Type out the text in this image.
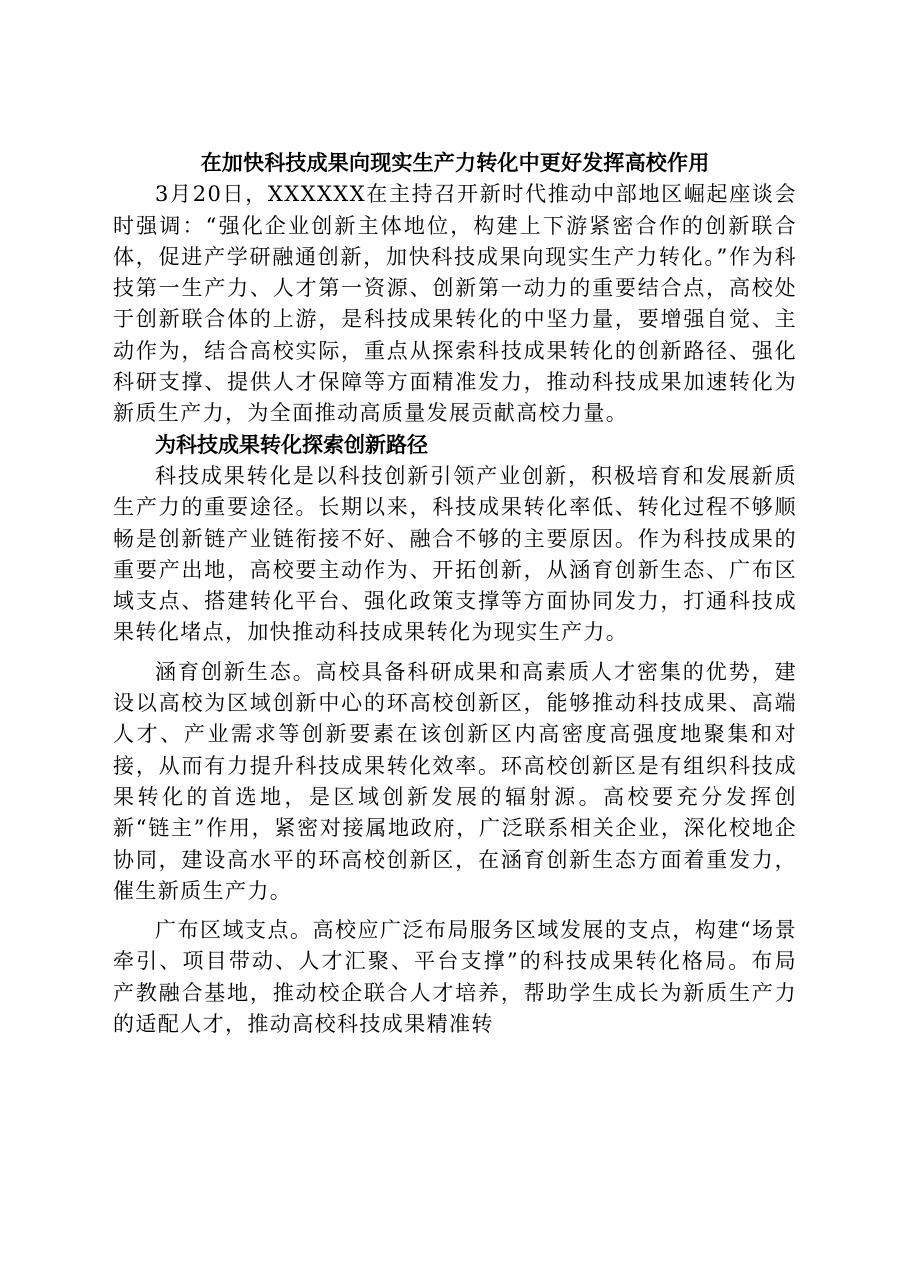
在加快科技成果向现实生产力转化中更好发挥高校作用

3月20日，XXXXXX在主持召开新时代推动中部地区崛起座谈会时强调：“强化企业创新主体地位，构建上下游紧密合作的创新联合体，促进产学研融通创新，加快科技成果向现实生产力转化。”作为科技第一生产力、人才第一资源、创新第一动力的重要结合点，高校处于创新联合体的上游，是科技成果转化的中坚力量，要增强自觉、主动作为，结合高校实际，重点从探索科技成果转化的创新路径、强化科研支撑、提供人才保障等方面精准发力，推动科技成果加速转化为新质生产力，为全面推动高质量发展贡献高校力量。

为科技成果转化探索创新路径

科技成果转化是以科技创新引领产业创新，积极培育和发展新质生产力的重要途径。长期以来，科技成果转化率低、转化过程不够顺畅是创新链产业链衔接不好、融合不够的主要原因。作为科技成果的重要产出地，高校要主动作为、开拓创新，从涵育创新生态、广布区域支点、搭建转化平台、强化政策支撑等方面协同发力，打通科技成果转化堵点，加快推动科技成果转化为现实生产力。

涵育创新生态。高校具备科研成果和高素质人才密集的优势，建设以高校为区域创新中心的环高校创新区，能够推动科技成果、高端人才、产业需求等创新要素在该创新区内高密度高强度地聚集和对接，从而有力提升科技成果转化效率。环高校创新区是有组织科技成果转化的首选地，是区域创新发展的辐射源。高校要充分发挥创新“链主”作用，紧密对接属地政府，广泛联系相关企业，深化校地企协同，建设高水平的环高校创新区，在涵育创新生态方面着重发力，催生新质生产力。

广布区域支点。高校应广泛布局服务区域发展的支点，构建“场景牵引、项目带动、人才汇聚、平台支撑”的科技成果转化格局。布局产教融合基地，推动校企联合人才培养，帮助学生成长为新质生产力的适配人才，推动高校科技成果精准转
